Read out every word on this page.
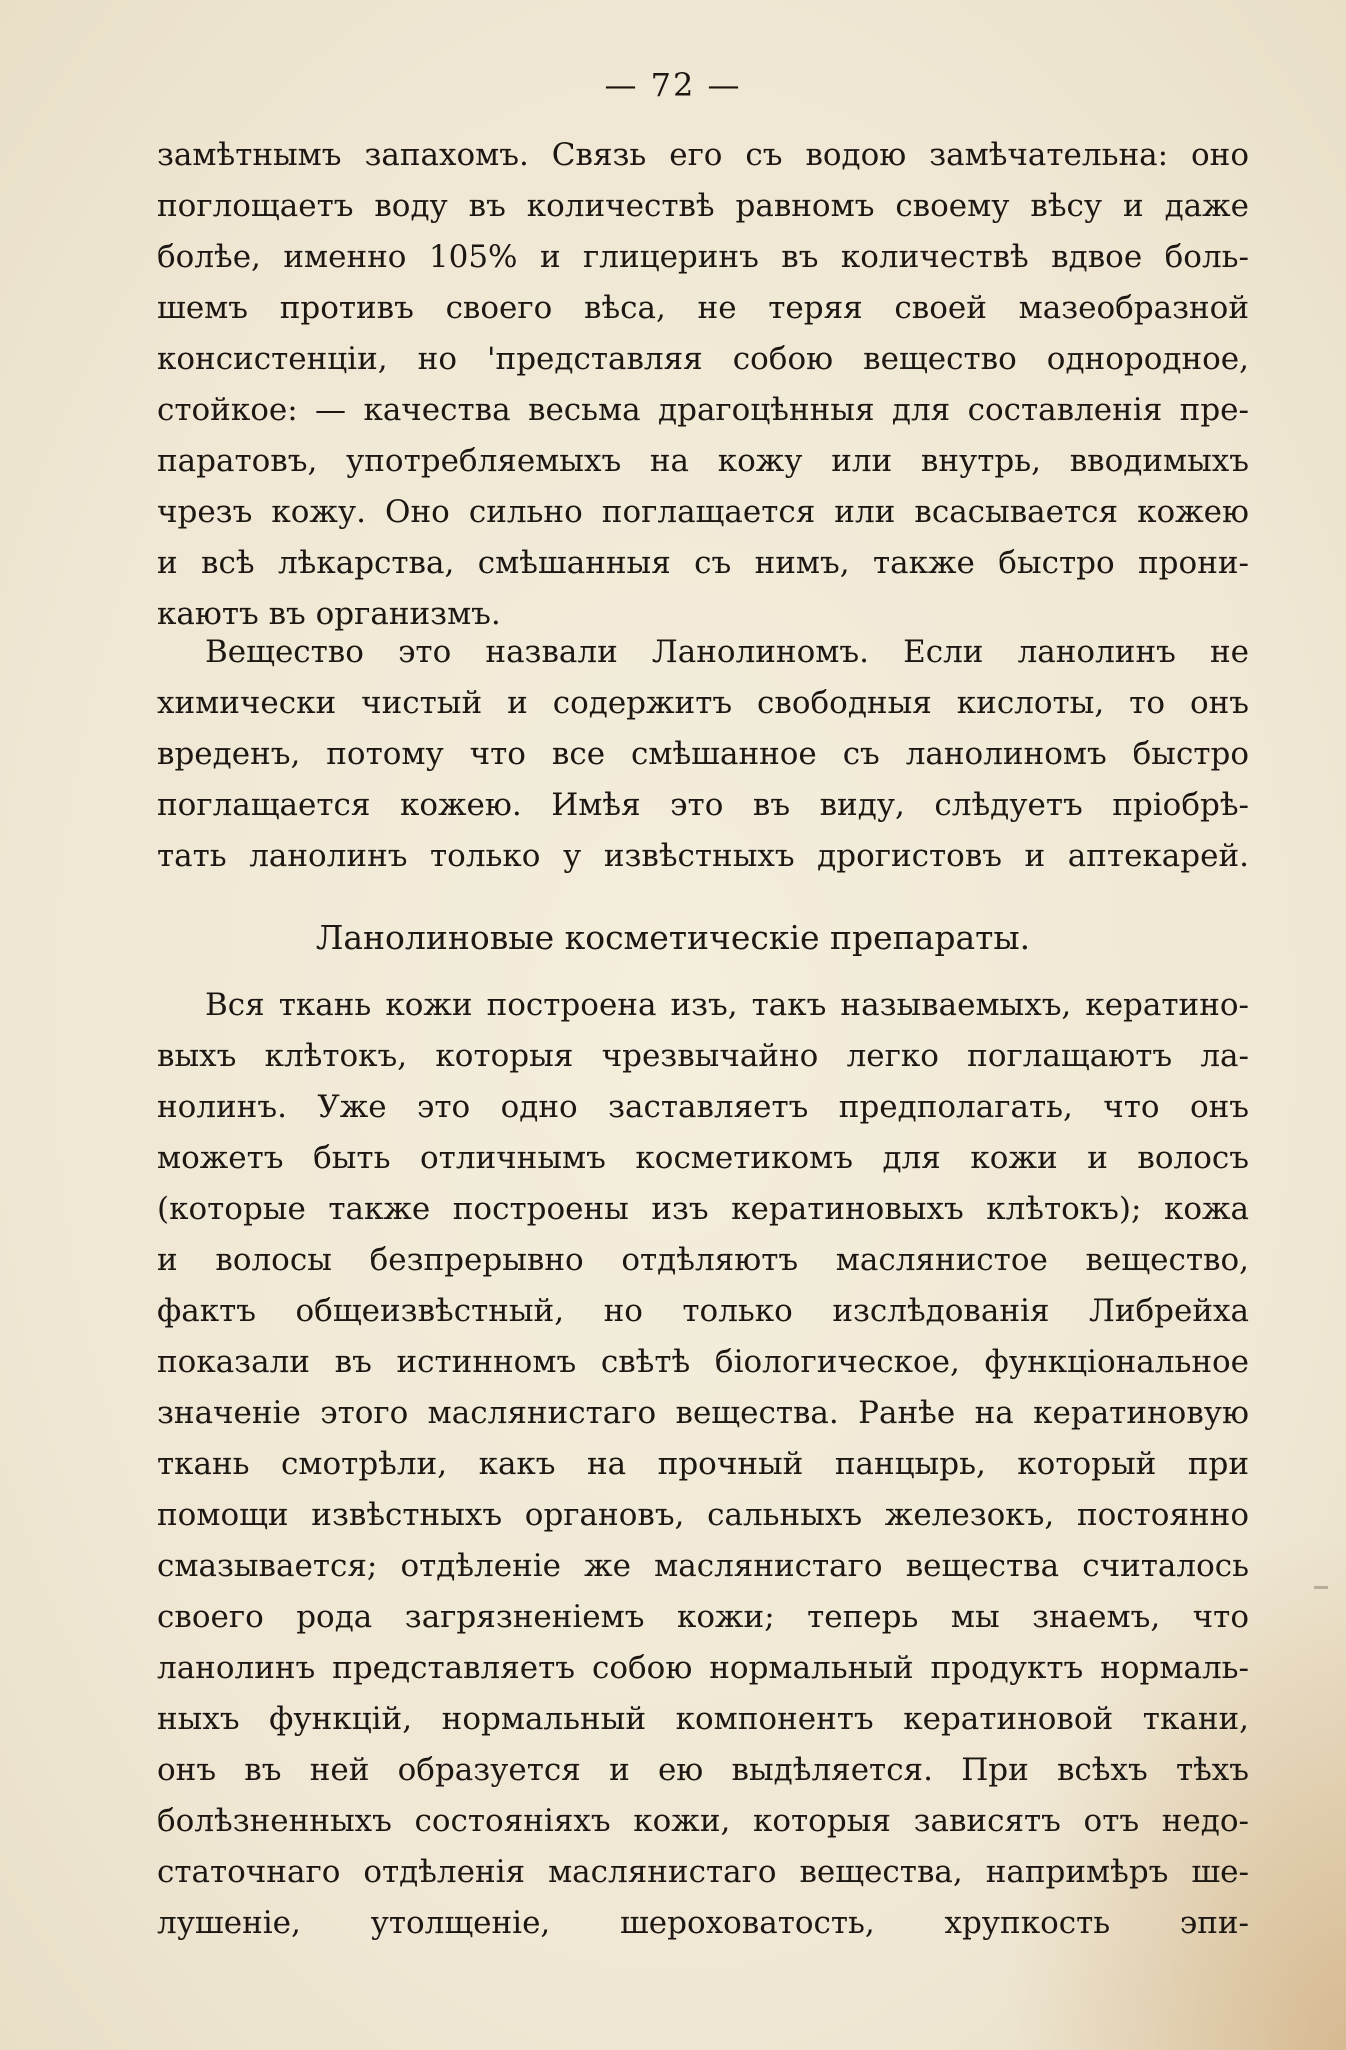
— 72 —
замѣтнымъ запахомъ. Связь его съ водою замѣчательна: оно
поглощаетъ воду въ количествѣ равномъ своему вѣсу и даже
болѣе, именно 105% и глицеринъ въ количествѣ вдвое боль-
шемъ противъ своего вѣса, не теряя своей мазеобразной
консистенціи, но 'представляя собою вещество однородное,
стойкое: — качества весьма драгоцѣнныя для составленія пре-
паратовъ, употребляемыхъ на кожу или внутрь, вводимыхъ
чрезъ кожу. Оно сильно поглащается или всасывается кожею
и всѣ лѣкарства, смѣшанныя съ нимъ, также быстро прони-
каютъ въ организмъ.
Вещество это назвали Ланолиномъ. Если ланолинъ не
химически чистый и содержитъ свободныя кислоты, то онъ
вреденъ, потому что все смѣшанное съ ланолиномъ быстро
поглащается кожею. Имѣя это въ виду, слѣдуетъ пріобрѣ-
тать ланолинъ только у извѣстныхъ дрогистовъ и аптекарей.
Ланолиновые косметическіе препараты.
Вся ткань кожи построена изъ, такъ называемыхъ, кератино-
выхъ клѣтокъ, которыя чрезвычайно легко поглащаютъ ла-
нолинъ. Уже это одно заставляетъ предполагать, что онъ
можетъ быть отличнымъ косметикомъ для кожи и волосъ
(которые также построены изъ кератиновыхъ клѣтокъ); кожа
и волосы безпрерывно отдѣляютъ маслянистое вещество,
фактъ общеизвѣстный, но только изслѣдованія Либрейха
показали въ истинномъ свѣтѣ біологическое, функціональное
значеніе этого маслянистаго вещества. Ранѣе на кератиновую
ткань смотрѣли, какъ на прочный панцырь, который при
помощи извѣстныхъ органовъ, сальныхъ железокъ, постоянно
смазывается; отдѣленіе же маслянистаго вещества считалось
своего рода загрязненіемъ кожи; теперь мы знаемъ, что
ланолинъ представляетъ собою нормальный продуктъ нормаль-
ныхъ функцій, нормальный компонентъ кератиновой ткани,
онъ въ ней образуется и ею выдѣляется. При всѣхъ тѣхъ
болѣзненныхъ состояніяхъ кожи, которыя зависятъ отъ недо-
статочнаго отдѣленія маслянистаго вещества, напримѣръ ше-
лушеніе, утолщеніе, шероховатость, хрупкость эпи-
